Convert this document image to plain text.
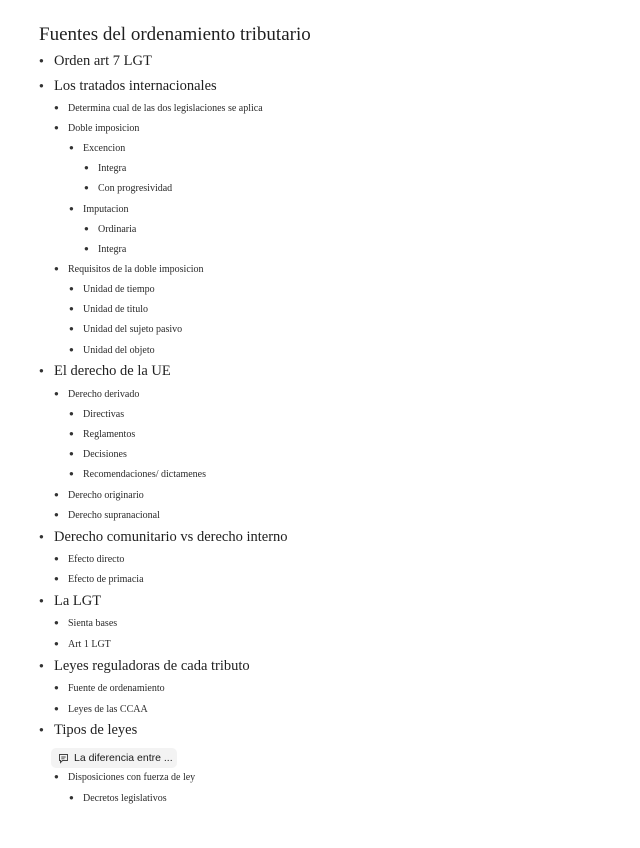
Fuentes del ordenamiento tributario
● Orden art 7 LGT
● Los tratados internacionales
● Determina cual de las dos legislaciones se aplica
● Doble imposicion
● Excencion
● Integra
● Con progresividad
● Imputacion
● Ordinaria
● Integra
● Requisitos de la doble imposicion
● Unidad de tiempo
● Unidad de titulo
● Unidad del sujeto pasivo
● Unidad del objeto
● El derecho de la UE
● Derecho derivado
● Directivas
● Reglamentos
● Decisiones
● Recomendaciones/ dictamenes
● Derecho originario
● Derecho supranacional
● Derecho comunitario vs derecho interno
● Efecto directo
● Efecto de primacia
● La LGT
● Sienta bases
● Art 1 LGT
● Leyes reguladoras de cada tributo
● Fuente de ordenamiento
● Leyes de las CCAA
● Tipos de leyes
La diferencia entre ...
● Disposiciones con fuerza de ley
● Decretos legislativos
